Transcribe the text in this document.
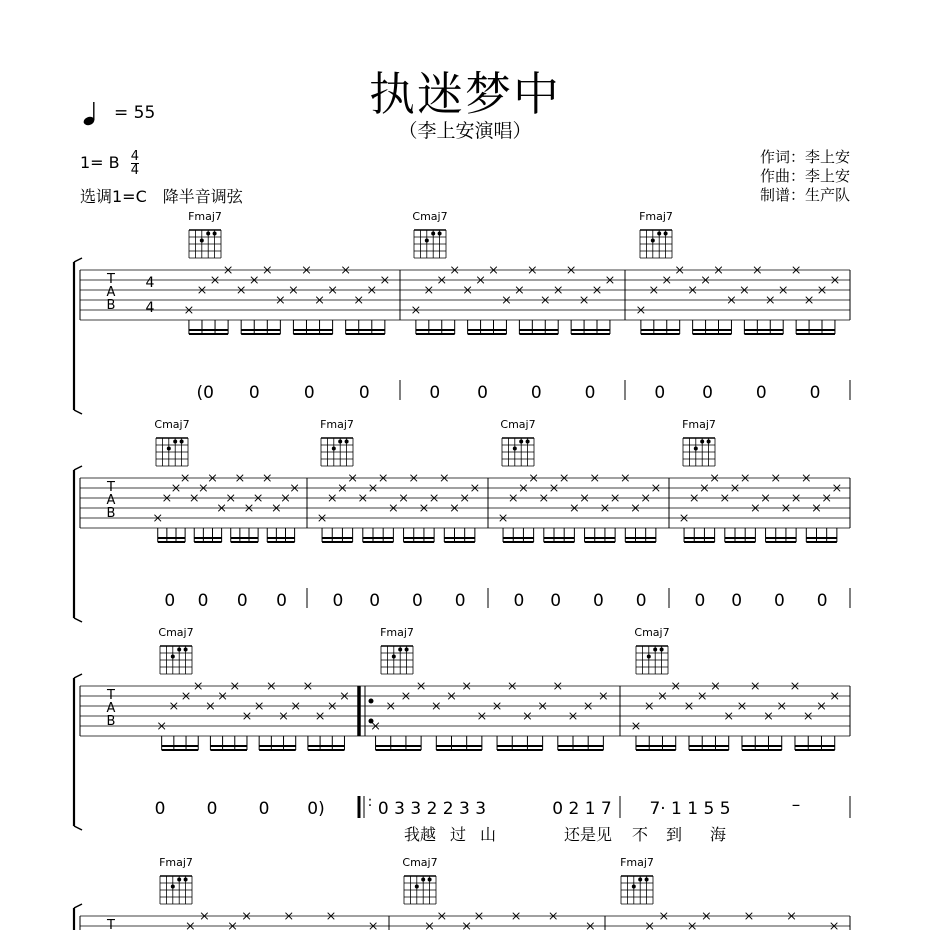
执迷梦中
（李上安演唱）
= 55
1= B $\frac{4}{4}$
选调1=C　降半音调弦
作词：李上安
作曲：李上安
制谱：生产队
Fmaj7	Cmaj7	Fmaj7
T
A
B
4
4
(0 0	0	0	0 0	0	0	0 0	0	0
Cmaj7	Fmaj7	Cmaj7	Fmaj7
T
A
B
0 0 0 0	0 0 0 0	0 0 0 0	0 0 0 0
Cmaj7	Fmaj7	Cmaj7
T
A
B
0 0 0 0)	: 0 3 3 2 2 3 3	0 2 1 7 7· 1 1 5 5	–
我越 过 山	还是见 不 到 海
Fmaj7	Cmaj7	Fmaj7
T
